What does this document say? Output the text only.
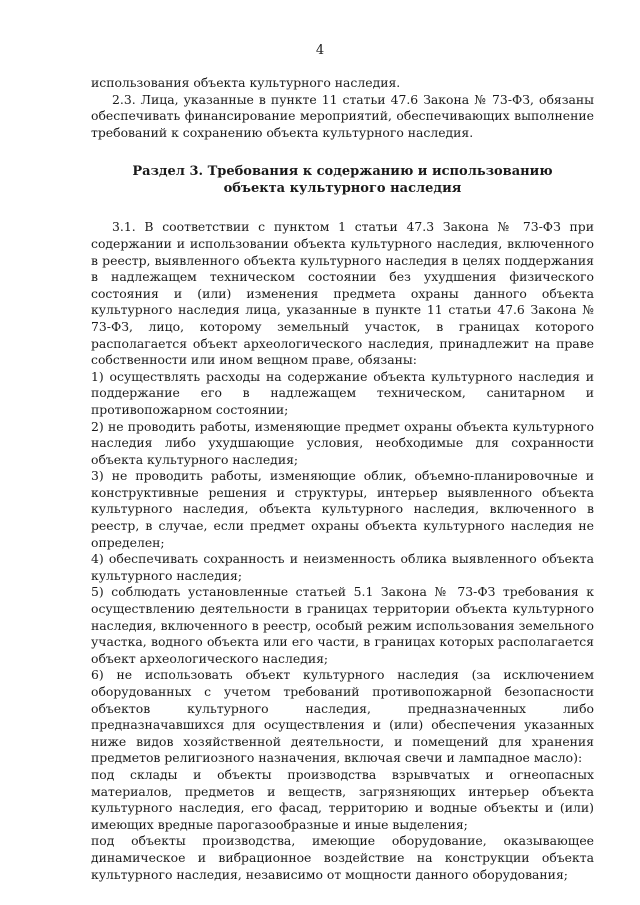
4

использования объекта культурного наследия.

2.3. Лица, указанные в пункте 11 статьи 47.6 Закона № 73-ФЗ, обязаны обеспечивать финансирование мероприятий, обеспечивающих выполнение требований к сохранению объекта культурного наследия.

Раздел 3. Требования к содержанию и использованию объекта культурного наследия

3.1. В соответствии с пунктом 1 статьи 47.3 Закона № 73-ФЗ при содержании и использовании объекта культурного наследия, включенного в реестр, выявленного объекта культурного наследия в целях поддержания в надлежащем техническом состоянии без ухудшения физического состояния и (или) изменения предмета охраны данного объекта культурного наследия лица, указанные в пункте 11 статьи 47.6 Закона № 73-ФЗ, лицо, которому земельный участок, в границах которого располагается объект археологического наследия, принадлежит на праве собственности или ином вещном праве, обязаны:

1) осуществлять расходы на содержание объекта культурного наследия и поддержание его в надлежащем техническом, санитарном и противопожарном состоянии;

2) не проводить работы, изменяющие предмет охраны объекта культурного наследия либо ухудшающие условия, необходимые для сохранности объекта культурного наследия;

3) не проводить работы, изменяющие облик, объемно-планировочные и конструктивные решения и структуры, интерьер выявленного объекта культурного наследия, объекта культурного наследия, включенного в реестр, в случае, если предмет охраны объекта культурного наследия не определен;

4) обеспечивать сохранность и неизменность облика выявленного объекта культурного наследия;

5) соблюдать установленные статьей 5.1 Закона № 73-ФЗ требования к осуществлению деятельности в границах территории объекта культурного наследия, включенного в реестр, особый режим использования земельного участка, водного объекта или его части, в границах которых располагается объект археологического наследия;

6) не использовать объект культурного наследия (за исключением оборудованных с учетом требований противопожарной безопасности объектов культурного наследия, предназначенных либо предназначавшихся для осуществления и (или) обеспечения указанных ниже видов хозяйственной деятельности, и помещений для хранения предметов религиозного назначения, включая свечи и лампадное масло):

под склады и объекты производства взрывчатых и огнеопасных материалов, предметов и веществ, загрязняющих интерьер объекта культурного наследия, его фасад, территорию и водные объекты и (или) имеющих вредные парогазообразные и иные выделения;

под объекты производства, имеющие оборудование, оказывающее динамическое и вибрационное воздействие на конструкции объекта культурного наследия, независимо от мощности данного оборудования;
